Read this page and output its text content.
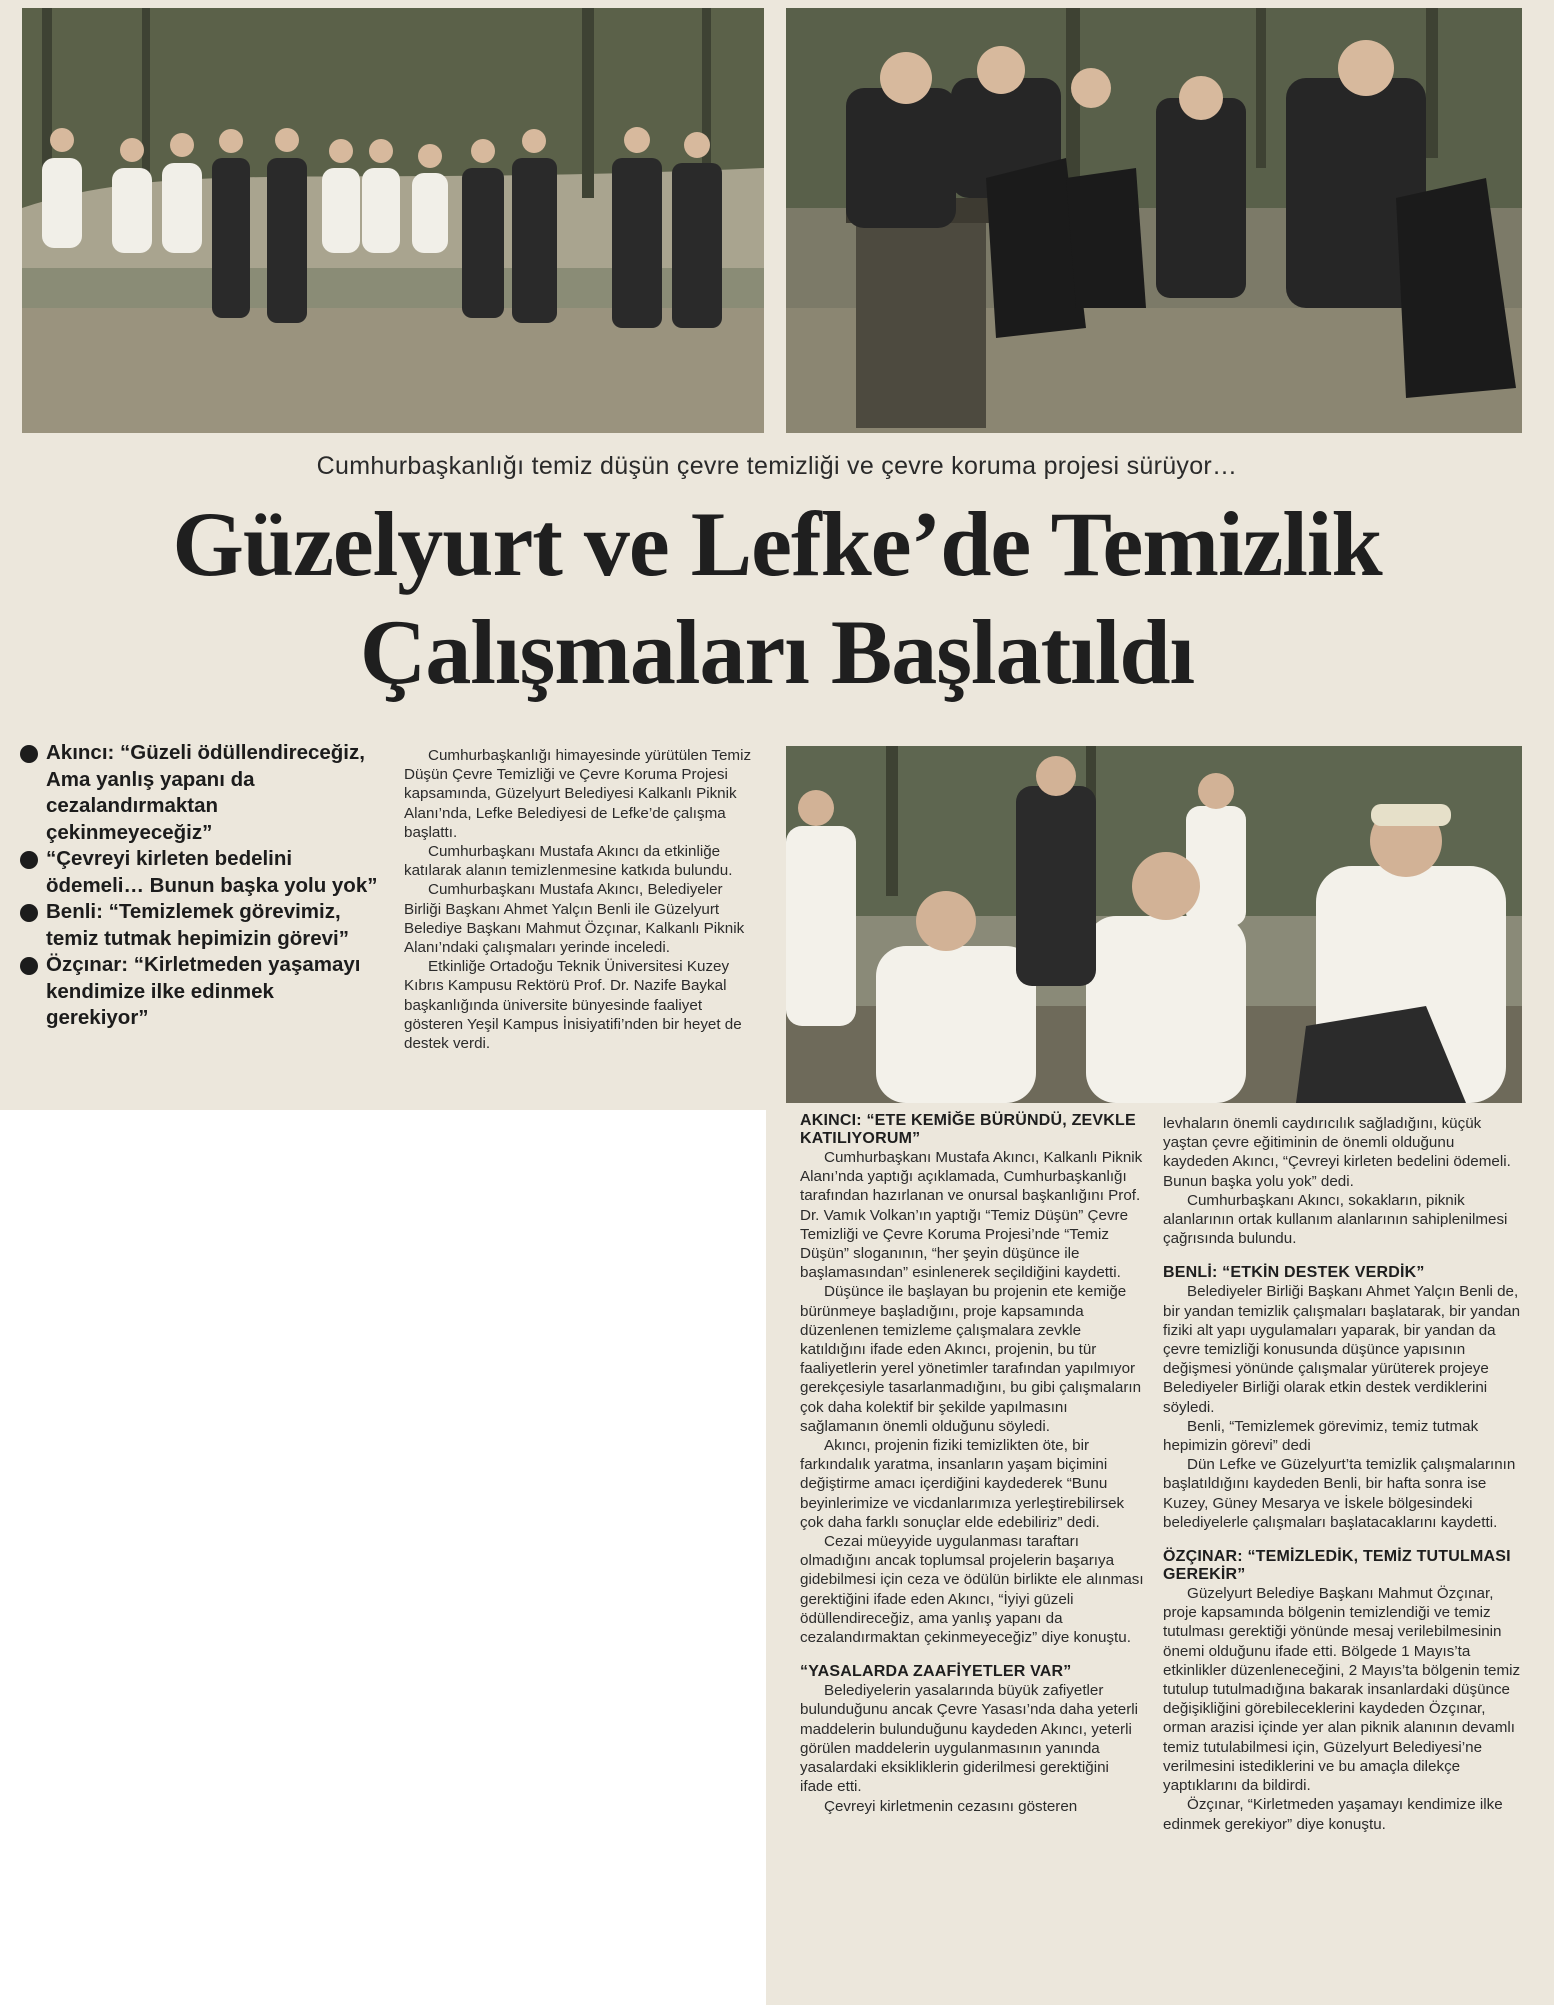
Cumhurbaşkanlığı temiz düşün çevre temizliği ve çevre koruma projesi sürüyor…
Güzelyurt ve Lefke’de Temizlik
Çalışmaları Başlatıldı
Akıncı: “Güzeli ödüllendireceğiz, Ama yanlış yapanı da cezalandırmaktan çekinmeyeceğiz”
“Çevreyi kirleten bedelini ödemeli… Bunun başka yolu yok”
Benli: “Temizlemek görevimiz, temiz tutmak hepimizin görevi”
Özçınar: “Kirletmeden yaşamayı kendimize ilke edinmek gerekiyor”

Cumhurbaşkanlığı himayesinde yürütülen Temiz Düşün Çevre Temizliği ve Çevre Koruma Projesi kapsamında, Güzelyurt Belediyesi Kalkanlı Piknik Alanı’nda, Lefke Belediyesi de Lefke’de çalışma başlattı.

Cumhurbaşkanı Mustafa Akıncı da etkinliğe katılarak alanın temizlenmesine katkıda bulundu.

Cumhurbaşkanı Mustafa Akıncı, Belediyeler Birliği Başkanı Ahmet Yalçın Benli ile Güzelyurt Belediye Başkanı Mahmut Özçınar, Kalkanlı Piknik Alanı’ndaki çalışmaları yerinde inceledi.

Etkinliğe Ortadoğu Teknik Üniversitesi Kuzey Kıbrıs Kampusu Rektörü Prof. Dr. Nazife Baykal başkanlığında üniversite bünyesinde faaliyet gösteren Yeşil Kampus İnisiyatifi’nden bir heyet de destek verdi.

AKINCI: “ETE KEMİĞE BÜRÜNDÜ, ZEVKLE KATILIYORUM”

Cumhurbaşkanı Mustafa Akıncı, Kalkanlı Piknik Alanı’nda yaptığı açıklamada, Cumhurbaşkanlığı tarafından hazırlanan ve onursal başkanlığını Prof. Dr. Vamık Volkan’ın yaptığı “Temiz Düşün” Çevre Temizliği ve Çevre Koruma Projesi’nde “Temiz Düşün” sloganının, “her şeyin düşünce ile başlamasından” esinlenerek seçildiğini kaydetti.

Düşünce ile başlayan bu projenin ete kemiğe bürünmeye başladığını, proje kapsamında düzenlenen temizleme çalışmalara zevkle katıldığını ifade eden Akıncı, projenin, bu tür faaliyetlerin yerel yönetimler tarafından yapılmıyor gerekçesiyle tasarlanmadığını, bu gibi çalışmaların çok daha kolektif bir şekilde yapılmasını sağlamanın önemli olduğunu söyledi.

Akıncı, projenin fiziki temizlikten öte, bir farkındalık yaratma, insanların yaşam biçimini değiştirme amacı içerdiğini kaydederek “Bunu beyinlerimize ve vicdanlarımıza yerleştirebilirsek çok daha farklı sonuçlar elde edebiliriz” dedi.

Cezai müeyyide uygulanması taraftarı olmadığını ancak toplumsal projelerin başarıya gidebilmesi için ceza ve ödülün birlikte ele alınması gerektiğini ifade eden Akıncı, “İyiyi güzeli ödüllendireceğiz, ama yanlış yapanı da cezalandırmaktan çekinmeyeceğiz” diye konuştu.

“YASALARDA ZAAFİYETLER VAR”

Belediyelerin yasalarında büyük zafiyetler bulunduğunu ancak Çevre Yasası’nda daha yeterli maddelerin bulunduğunu kaydeden Akıncı, yeterli görülen maddelerin uygulanmasının yanında yasalardaki eksikliklerin giderilmesi gerektiğini ifade etti.

Çevreyi kirletmenin cezasını gösteren

levhaların önemli caydırıcılık sağladığını, küçük yaştan çevre eğitiminin de önemli olduğunu kaydeden Akıncı, “Çevreyi kirleten bedelini ödemeli. Bunun başka yolu yok” dedi.

Cumhurbaşkanı Akıncı, sokakların, piknik alanlarının ortak kullanım alanlarının sahiplenilmesi çağrısında bulundu.

BENLİ: “ETKİN DESTEK VERDİK”

Belediyeler Birliği Başkanı Ahmet Yalçın Benli de, bir yandan temizlik çalışmaları başlatarak, bir yandan fiziki alt yapı uygulamaları yaparak, bir yandan da çevre temizliği konusunda düşünce yapısının değişmesi yönünde çalışmalar yürüterek projeye Belediyeler Birliği olarak etkin destek verdiklerini söyledi.

Benli, “Temizlemek görevimiz, temiz tutmak hepimizin görevi” dedi

Dün Lefke ve Güzelyurt’ta temizlik çalışmalarının başlatıldığını kaydeden Benli, bir hafta sonra ise Kuzey, Güney Mesarya ve İskele bölgesindeki belediyelerle çalışmaları başlatacaklarını kaydetti.

ÖZÇINAR: “TEMİZLEDİK, TEMİZ TUTULMASI GEREKİR”

Güzelyurt Belediye Başkanı Mahmut Özçınar, proje kapsamında bölgenin temizlendiği ve temiz tutulması gerektiği yönünde mesaj verilebilmesinin önemi olduğunu ifade etti. Bölgede 1 Mayıs’ta etkinlikler düzenleneceğini, 2 Mayıs’ta bölgenin temiz tutulup tutulmadığına bakarak insanlardaki düşünce değişikliğini görebileceklerini kaydeden Özçınar, orman arazisi içinde yer alan piknik alanının devamlı temiz tutulabilmesi için, Güzelyurt Belediyesi’ne verilmesini istediklerini ve bu amaçla dilekçe yaptıklarını da bildirdi.

Özçınar, “Kirletmeden yaşamayı kendimize ilke edinmek gerekiyor” diye konuştu.
